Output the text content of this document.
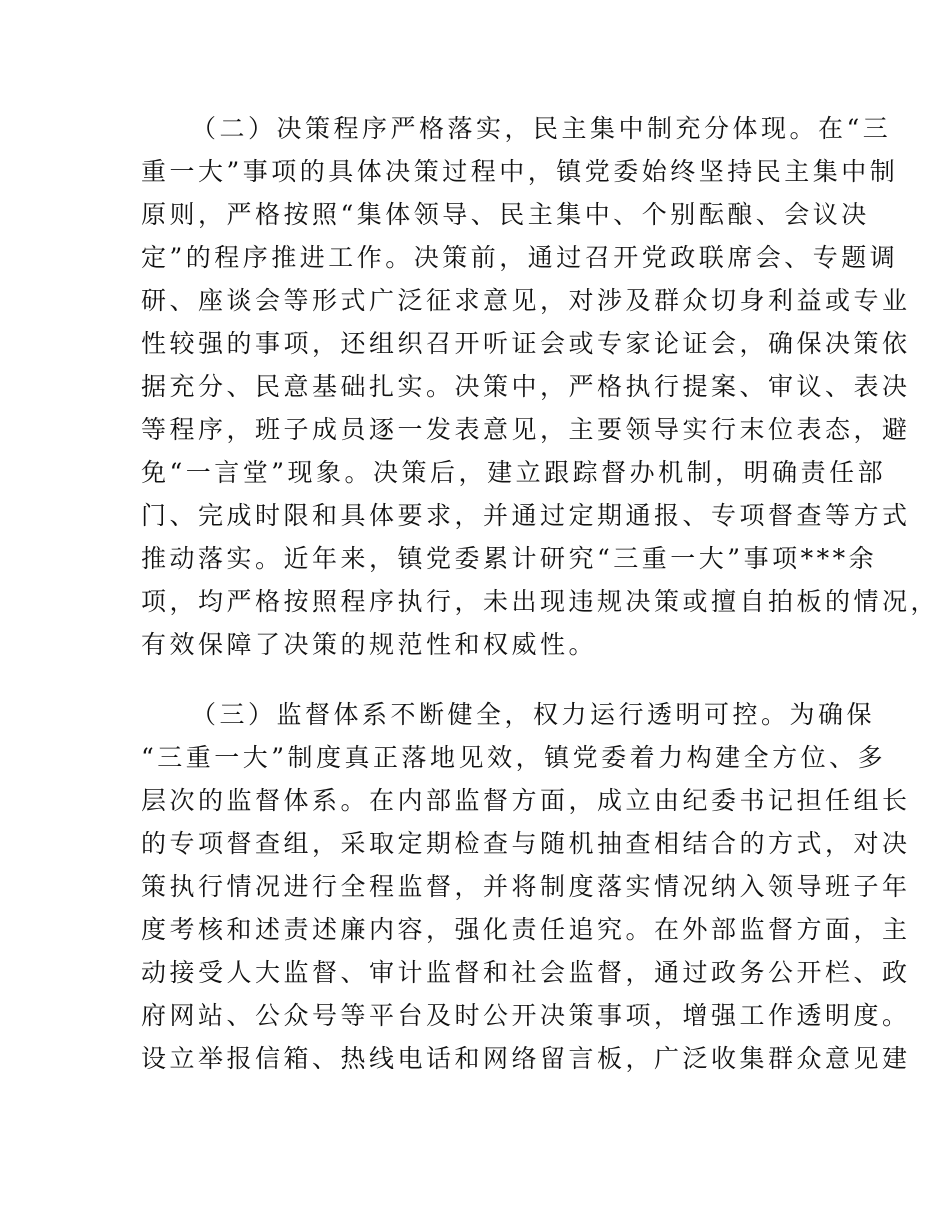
（二）决策程序严格落实，民主集中制充分体现。在“三
重一大”事项的具体决策过程中，镇党委始终坚持民主集中制
原则，严格按照“集体领导、民主集中、个别酝酿、会议决
定”的程序推进工作。决策前，通过召开党政联席会、专题调
研、座谈会等形式广泛征求意见，对涉及群众切身利益或专业
性较强的事项，还组织召开听证会或专家论证会，确保决策依
据充分、民意基础扎实。决策中，严格执行提案、审议、表决
等程序，班子成员逐一发表意见，主要领导实行末位表态，避
免“一言堂”现象。决策后，建立跟踪督办机制，明确责任部
门、完成时限和具体要求，并通过定期通报、专项督查等方式
推动落实。近年来，镇党委累计研究“三重一大”事项***余
项，均严格按照程序执行，未出现违规决策或擅自拍板的情况，
有效保障了决策的规范性和权威性。
（三）监督体系不断健全，权力运行透明可控。为确保
“三重一大”制度真正落地见效，镇党委着力构建全方位、多
层次的监督体系。在内部监督方面，成立由纪委书记担任组长
的专项督查组，采取定期检查与随机抽查相结合的方式，对决
策执行情况进行全程监督，并将制度落实情况纳入领导班子年
度考核和述责述廉内容，强化责任追究。在外部监督方面，主
动接受人大监督、审计监督和社会监督，通过政务公开栏、政
府网站、公众号等平台及时公开决策事项，增强工作透明度。
设立举报信箱、热线电话和网络留言板，广泛收集群众意见建
